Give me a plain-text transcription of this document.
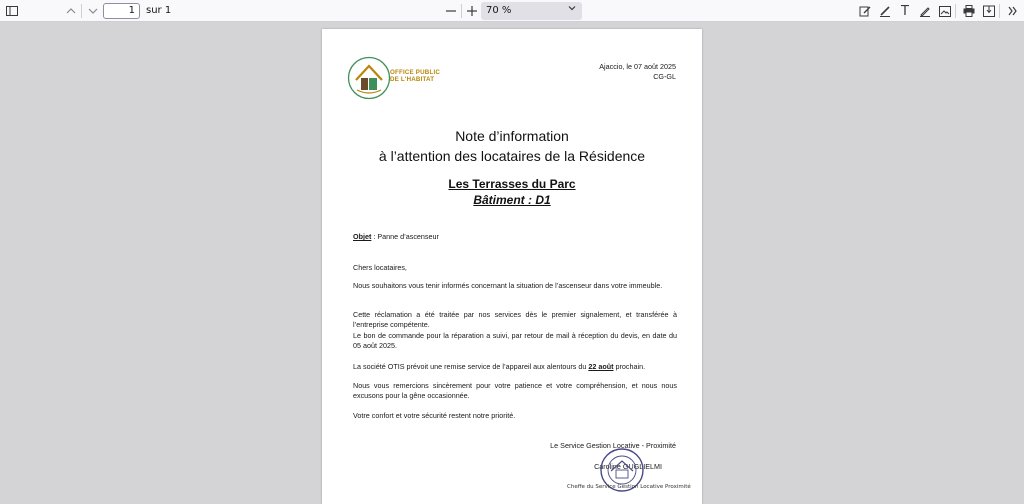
1	sur 1	70 %	T
OFFICE PUBLIC
DE L'HABITAT
Ajaccio, le 07 août 2025
CG-GL
Note d’information
à l’attention des locataires de la Résidence
Les Terrasses du Parc
Bâtiment : D1
Objet : Panne d’ascenseur
Chers locataires,
Nous souhaitons vous tenir informés concernant la situation de l’ascenseur dans votre immeuble.
Cette réclamation a été traitée par nos services dès le premier signalement, et transférée à l’entreprise compétente.
Le bon de commande pour la réparation a suivi, par retour de mail à réception du devis, en date du 05 août 2025.
La société OTIS prévoit une remise service de l’appareil aux alentours du 22 août prochain.
Nous vous remercions sincèrement pour votre patience et votre compréhension, et nous nous excusons pour la gêne occasionnée.
Votre confort et votre sécurité restent notre priorité.
Le Service Gestion Locative - Proximité
Caroline GUGLIELMI
Cheffe du Service Gestion Locative Proximité
